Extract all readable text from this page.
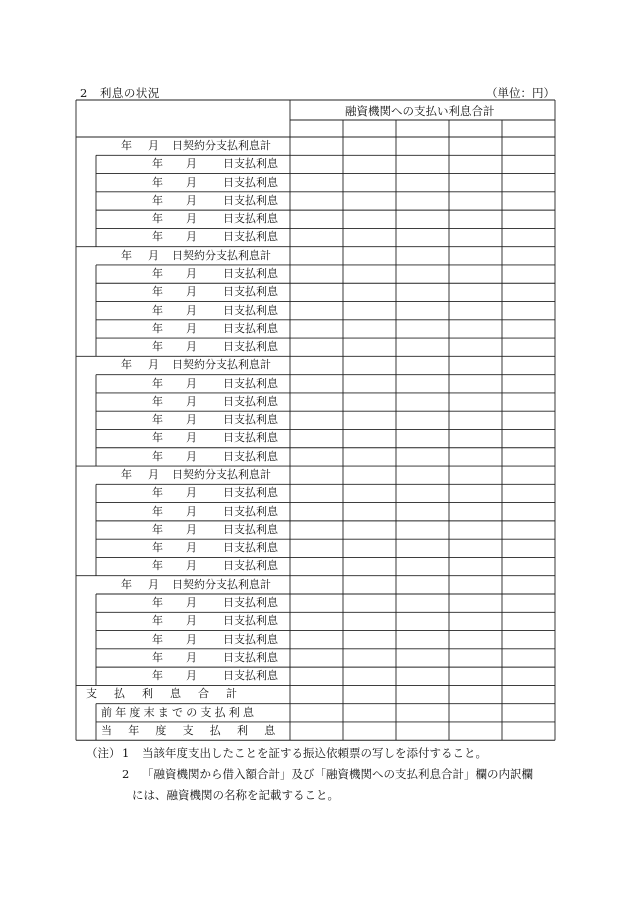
2　利息の状況	（単位：円）
融資機関への支払い利息合計
年 月 日契約分支払利息計
年 月 日支払利息
年 月 日支払利息
年 月 日支払利息
年 月 日支払利息
年 月 日支払利息
年 月 日契約分支払利息計
年 月 日支払利息
年 月 日支払利息
年 月 日支払利息
年 月 日支払利息
年 月 日支払利息
年 月 日契約分支払利息計
年 月 日支払利息
年 月 日支払利息
年 月 日支払利息
年 月 日支払利息
年 月 日支払利息
年 月 日契約分支払利息計
年 月 日支払利息
年 月 日支払利息
年 月 日支払利息
年 月 日支払利息
年 月 日支払利息
年 月 日契約分支払利息計
年 月 日支払利息
年 月 日支払利息
年 月 日支払利息
年 月 日支払利息
年 月 日支払利息
支　払　利　息　合　計
前年度末までの支払利息
当　年　度　支　払　利　息
（注） 1 当該年度支出したことを証する振込依頼票の写しを添付すること。
2 「融資機関から借入額合計」及び「融資機関への支払利息合計」欄の内訳欄
には、融資機関の名称を記載すること。
